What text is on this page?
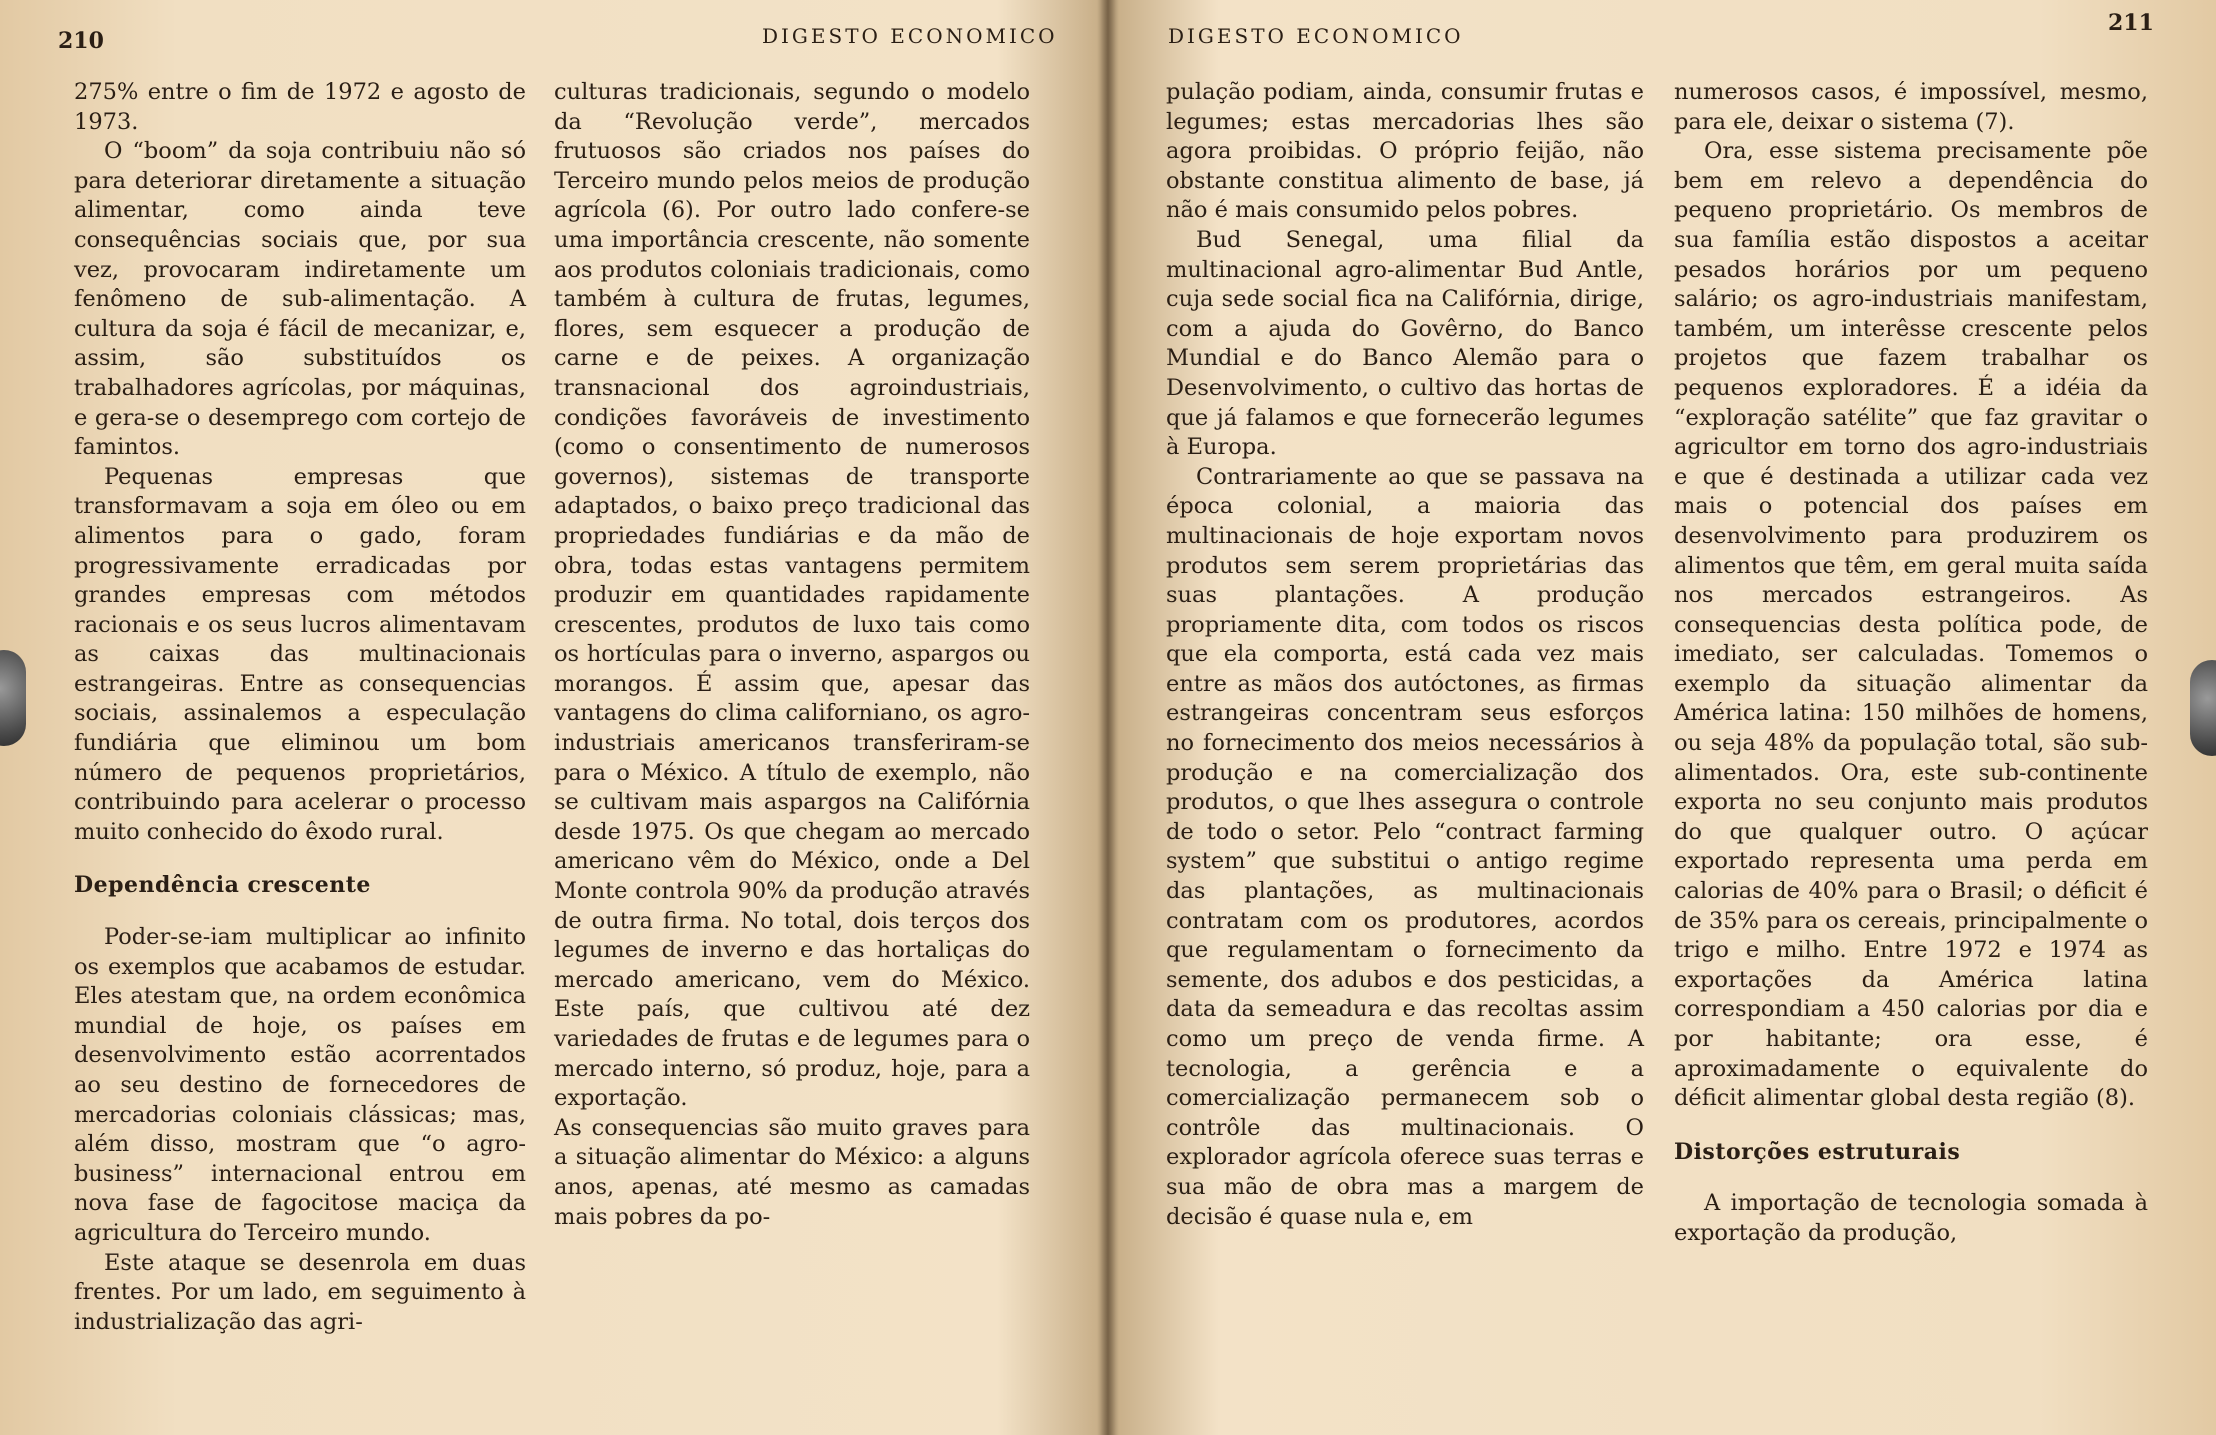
210	DIGESTO ECONOMICO

275% entre o fim de 1972 e agosto de 1973.

O “boom” da soja contribuiu não só para deteriorar diretamente a situação alimentar, como ainda teve consequências sociais que, por sua vez, provocaram indiretamente um fenômeno de sub-alimentação. A cultura da soja é fácil de mecanizar, e, assim, são substituídos os trabalhadores agrícolas, por máquinas, e gera-se o desemprego com cortejo de famintos.

Pequenas empresas que transformavam a soja em óleo ou em alimentos para o gado, foram progressivamente erradicadas por grandes empresas com métodos racionais e os seus lucros alimentavam as caixas das multinacionais estrangeiras. Entre as consequencias sociais, assinalemos a especulação fundiária que eliminou um bom número de pequenos proprietários, contribuindo para acelerar o processo muito conhecido do êxodo rural.

Dependência crescente

Poder-se-iam multiplicar ao infinito os exemplos que acabamos de estudar. Eles atestam que, na ordem econômica mundial de hoje, os países em desenvolvimento estão acorrentados ao seu destino de fornecedores de mercadorias coloniais clássicas; mas, além disso, mostram que “o agro-business” internacional entrou em nova fase de fagocitose maciça da agricultura do Terceiro mundo.

Este ataque se desenrola em duas frentes. Por um lado, em seguimento à industrialização das agri-

culturas tradicionais, segundo o modelo da “Revolução verde”, mercados frutuosos são criados nos países do Terceiro mundo pelos meios de produção agrícola (6). Por outro lado confere-se uma importância crescente, não somente aos produtos coloniais tradicionais, como também à cultura de frutas, legumes, flores, sem esquecer a produção de carne e de peixes. A organização transnacional dos agroindustriais, condições favoráveis de investimento (como o consentimento de numerosos governos), sistemas de transporte adaptados, o baixo preço tradicional das propriedades fundiárias e da mão de obra, todas estas vantagens permitem produzir em quantidades rapidamente crescentes, produtos de luxo tais como os hortículas para o inverno, aspargos ou morangos. É assim que, apesar das vantagens do clima californiano, os agro-industriais americanos transferiram-se para o México. A título de exemplo, não se cultivam mais aspargos na Califórnia desde 1975. Os que chegam ao mercado americano vêm do México, onde a Del Monte controla 90% da produção através de outra firma. No total, dois terços dos legumes de inverno e das hortaliças do mercado americano, vem do México. Este país, que cultivou até dez variedades de frutas e de legumes para o mercado interno, só produz, hoje, para a exportação.

As consequencias são muito graves para a situação alimentar do México: a alguns anos, apenas, até mesmo as camadas mais pobres da po-

DIGESTO ECONOMICO	211

pulação podiam, ainda, consumir frutas e legumes; estas mercadorias lhes são agora proibidas. O próprio feijão, não obstante constitua alimento de base, já não é mais consumido pelos pobres.

Bud Senegal, uma filial da multinacional agro-alimentar Bud Antle, cuja sede social fica na Califórnia, dirige, com a ajuda do Govêrno, do Banco Mundial e do Banco Alemão para o Desenvolvimento, o cultivo das hortas de que já falamos e que fornecerão legumes à Europa.

Contrariamente ao que se passava na época colonial, a maioria das multinacionais de hoje exportam novos produtos sem serem proprietárias das suas plantações. A produção propriamente dita, com todos os riscos que ela comporta, está cada vez mais entre as mãos dos autóctones, as firmas estrangeiras concentram seus esforços no fornecimento dos meios necessários à produção e na comercialização dos produtos, o que lhes assegura o controle de todo o setor. Pelo “contract farming system” que substitui o antigo regime das plantações, as multinacionais contratam com os produtores, acordos que regulamentam o fornecimento da semente, dos adubos e dos pesticidas, a data da semeadura e das recoltas assim como um preço de venda firme. A tecnologia, a gerência e a comercialização permanecem sob o contrôle das multinacionais. O explorador agrícola oferece suas terras e sua mão de obra mas a margem de decisão é quase nula e, em

numerosos casos, é impossível, mesmo, para ele, deixar o sistema (7).

Ora, esse sistema precisamente põe bem em relevo a dependência do pequeno proprietário. Os membros de sua família estão dispostos a aceitar pesados horários por um pequeno salário; os agro-industriais manifestam, também, um interêsse crescente pelos projetos que fazem trabalhar os pequenos exploradores. É a idéia da “exploração satélite” que faz gravitar o agricultor em torno dos agro-industriais e que é destinada a utilizar cada vez mais o potencial dos países em desenvolvimento para produzirem os alimentos que têm, em geral muita saída nos mercados estrangeiros. As consequencias desta política pode, de imediato, ser calculadas. Tomemos o exemplo da situação alimentar da América latina: 150 milhões de homens, ou seja 48% da população total, são sub-alimentados. Ora, este sub-continente exporta no seu conjunto mais produtos do que qualquer outro. O açúcar exportado representa uma perda em calorias de 40% para o Brasil; o déficit é de 35% para os cereais, principalmente o trigo e milho. Entre 1972 e 1974 as exportações da América latina correspondiam a 450 calorias por dia e por habitante; ora esse, é aproximadamente o equivalente do déficit alimentar global desta região (8).

Distorções estruturais

A importação de tecnologia somada à exportação da produção,
